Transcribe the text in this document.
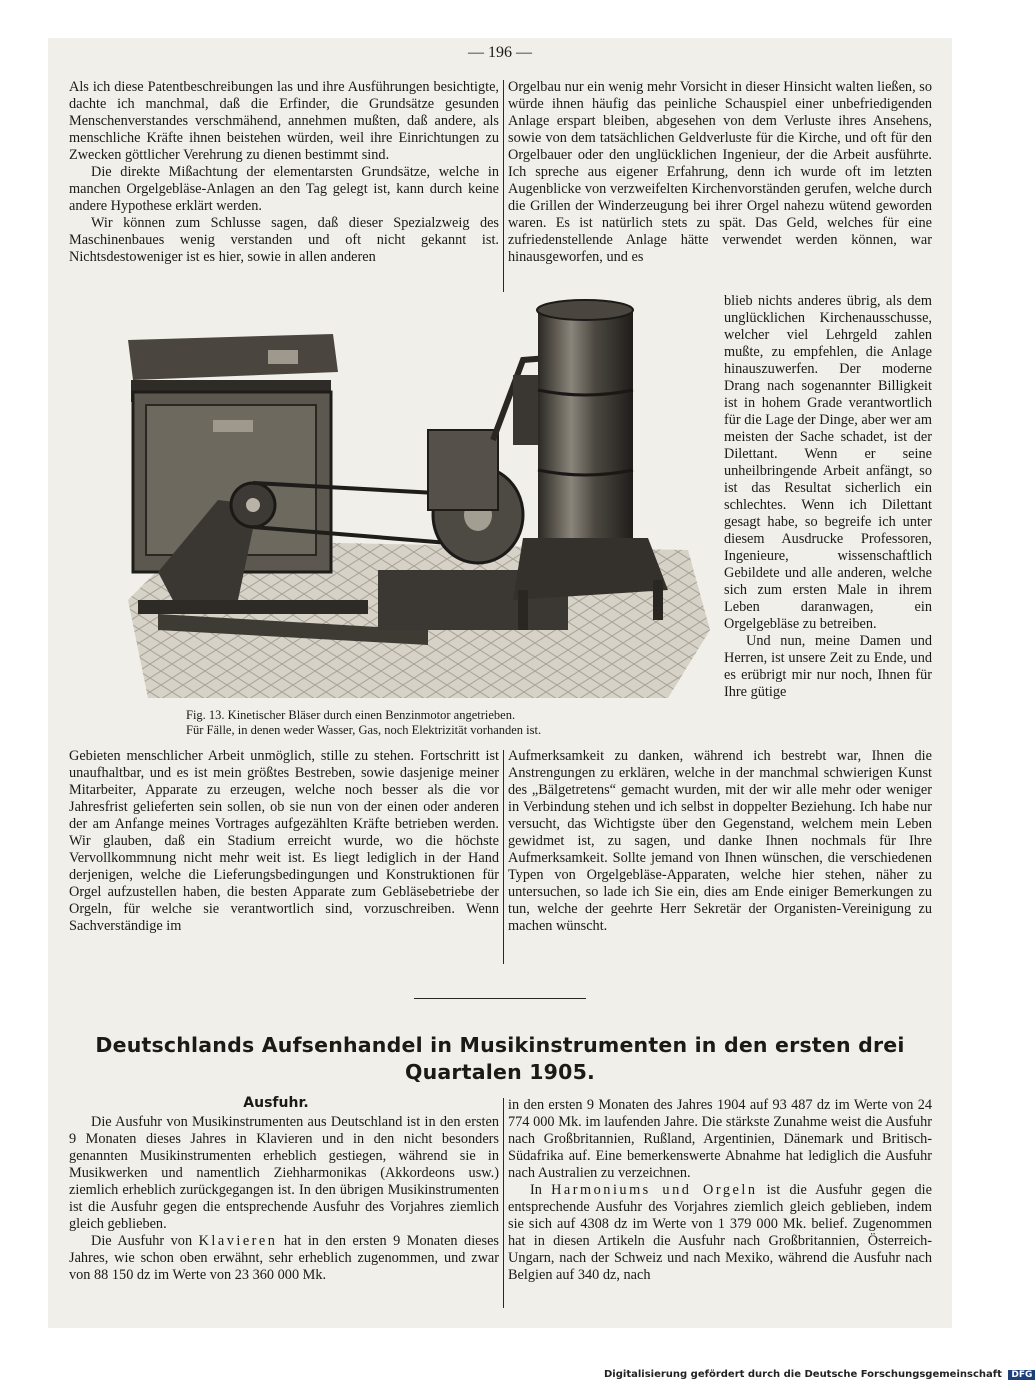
— 196 —

Als ich diese Patentbeschreibungen las und ihre Ausführungen besichtigte, dachte ich manchmal, daß die Erfinder, die Grundsätze gesunden Menschenverstandes verschmähend, annehmen mußten, daß andere, als menschliche Kräfte ihnen beistehen würden, weil ihre Einrichtungen zu Zwecken göttlicher Verehrung zu dienen bestimmt sind.

Die direkte Mißachtung der elementarsten Grundsätze, welche in manchen Orgelgebläse-Anlagen an den Tag gelegt ist, kann durch keine andere Hypothese erklärt werden.

Wir können zum Schlusse sagen, daß dieser Spezialzweig des Maschinenbaues wenig verstanden und oft nicht gekannt ist. Nichtsdestoweniger ist es hier, sowie in allen anderen

Orgelbau nur ein wenig mehr Vorsicht in dieser Hinsicht walten ließen, so würde ihnen häufig das peinliche Schauspiel einer unbefriedigenden Anlage erspart bleiben, abgesehen von dem Verluste ihres Ansehens, sowie von dem tatsächlichen Geldverluste für die Kirche, und oft für den Orgelbauer oder den unglücklichen Ingenieur, der die Arbeit ausführte. Ich spreche aus eigener Erfahrung, denn ich wurde oft im letzten Augenblicke von verzweifelten Kirchenvorständen gerufen, welche durch die Grillen der Winderzeugung bei ihrer Orgel nahezu wütend geworden waren. Es ist natürlich stets zu spät. Das Geld, welches für eine zufriedenstellende Anlage hätte verwendet werden können, war hinausgeworfen, und es

blieb nichts anderes übrig, als dem unglücklichen Kirchenausschusse, welcher viel Lehrgeld zahlen mußte, zu empfehlen, die Anlage hinauszuwerfen. Der moderne Drang nach sogenannter Billigkeit ist in hohem Grade verantwortlich für die Lage der Dinge, aber wer am meisten der Sache schadet, ist der Dilettant. Wenn er seine unheilbringende Arbeit anfängt, so ist das Resultat sicherlich ein schlechtes. Wenn ich Dilettant gesagt habe, so begreife ich unter diesem Ausdrucke Professoren, Ingenieure, wissenschaftlich Gebildete und alle anderen, welche sich zum ersten Male in ihrem Leben daranwagen, ein Orgelgebläse zu betreiben.

Und nun, meine Damen und Herren, ist unsere Zeit zu Ende, und es erübrigt mir nur noch, Ihnen für Ihre gütige

Fig. 13. Kinetischer Bläser durch einen Benzinmotor angetrieben.
Für Fälle, in denen weder Wasser, Gas, noch Elektrizität vorhanden ist.

Gebieten menschlicher Arbeit unmöglich, stille zu stehen. Fortschritt ist unaufhaltbar, und es ist mein größtes Bestreben, sowie dasjenige meiner Mitarbeiter, Apparate zu erzeugen, welche noch besser als die vor Jahresfrist gelieferten sein sollen, ob sie nun von der einen oder anderen der am Anfange meines Vortrages aufgezählten Kräfte betrieben werden. Wir glauben, daß ein Stadium erreicht wurde, wo die höchste Vervollkommnung nicht mehr weit ist. Es liegt lediglich in der Hand derjenigen, welche die Lieferungsbedingungen und Konstruktionen für Orgel aufzustellen haben, die besten Apparate zum Gebläsebetriebe der Orgeln, für welche sie verantwortlich sind, vorzuschreiben. Wenn Sachverständige im

Aufmerksamkeit zu danken, während ich bestrebt war, Ihnen die Anstrengungen zu erklären, welche in der manchmal schwierigen Kunst des „Bälgetretens“ gemacht wurden, mit der wir alle mehr oder weniger in Verbindung stehen und ich selbst in doppelter Beziehung. Ich habe nur versucht, das Wichtigste über den Gegenstand, welchem mein Leben gewidmet ist, zu sagen, und danke Ihnen nochmals für Ihre Aufmerksamkeit. Sollte jemand von Ihnen wünschen, die verschiedenen Typen von Orgelgebläse-Apparaten, welche hier stehen, näher zu untersuchen, so lade ich Sie ein, dies am Ende einiger Bemerkungen zu tun, welche der geehrte Herr Sekretär der Organisten-Vereinigung zu machen wünscht.

Deutschlands Aufsenhandel in Musikinstrumenten in den ersten drei Quartalen 1905.
Ausfuhr.

Die Ausfuhr von Musikinstrumenten aus Deutschland ist in den ersten 9 Monaten dieses Jahres in Klavieren und in den nicht besonders genannten Musikinstrumenten erheblich gestiegen, während sie in Musikwerken und namentlich Ziehharmonikas (Akkordeons usw.) ziemlich erheblich zurückgegangen ist. In den übrigen Musikinstrumenten ist die Ausfuhr gegen die entsprechende Ausfuhr des Vorjahres ziemlich gleich geblieben.

Die Ausfuhr von Klavieren hat in den ersten 9 Monaten dieses Jahres, wie schon oben erwähnt, sehr erheblich zugenommen, und zwar von 88 150 dz im Werte von 23 360 000 Mk.

in den ersten 9 Monaten des Jahres 1904 auf 93 487 dz im Werte von 24 774 000 Mk. im laufenden Jahre. Die stärkste Zunahme weist die Ausfuhr nach Großbritannien, Rußland, Argentinien, Dänemark und Britisch-Südafrika auf. Eine bemerkenswerte Abnahme hat lediglich die Ausfuhr nach Australien zu verzeichnen.

In Harmoniums und Orgeln ist die Ausfuhr gegen die entsprechende Ausfuhr des Vorjahres ziemlich gleich geblieben, indem sie sich auf 4308 dz im Werte von 1 379 000 Mk. belief. Zugenommen hat in diesen Artikeln die Ausfuhr nach Großbritannien, Österreich-Ungarn, nach der Schweiz und nach Mexiko, während die Ausfuhr nach Belgien auf 340 dz, nach

Digitalisierung gefördert durch die Deutsche Forschungsgemeinschaft DFG
